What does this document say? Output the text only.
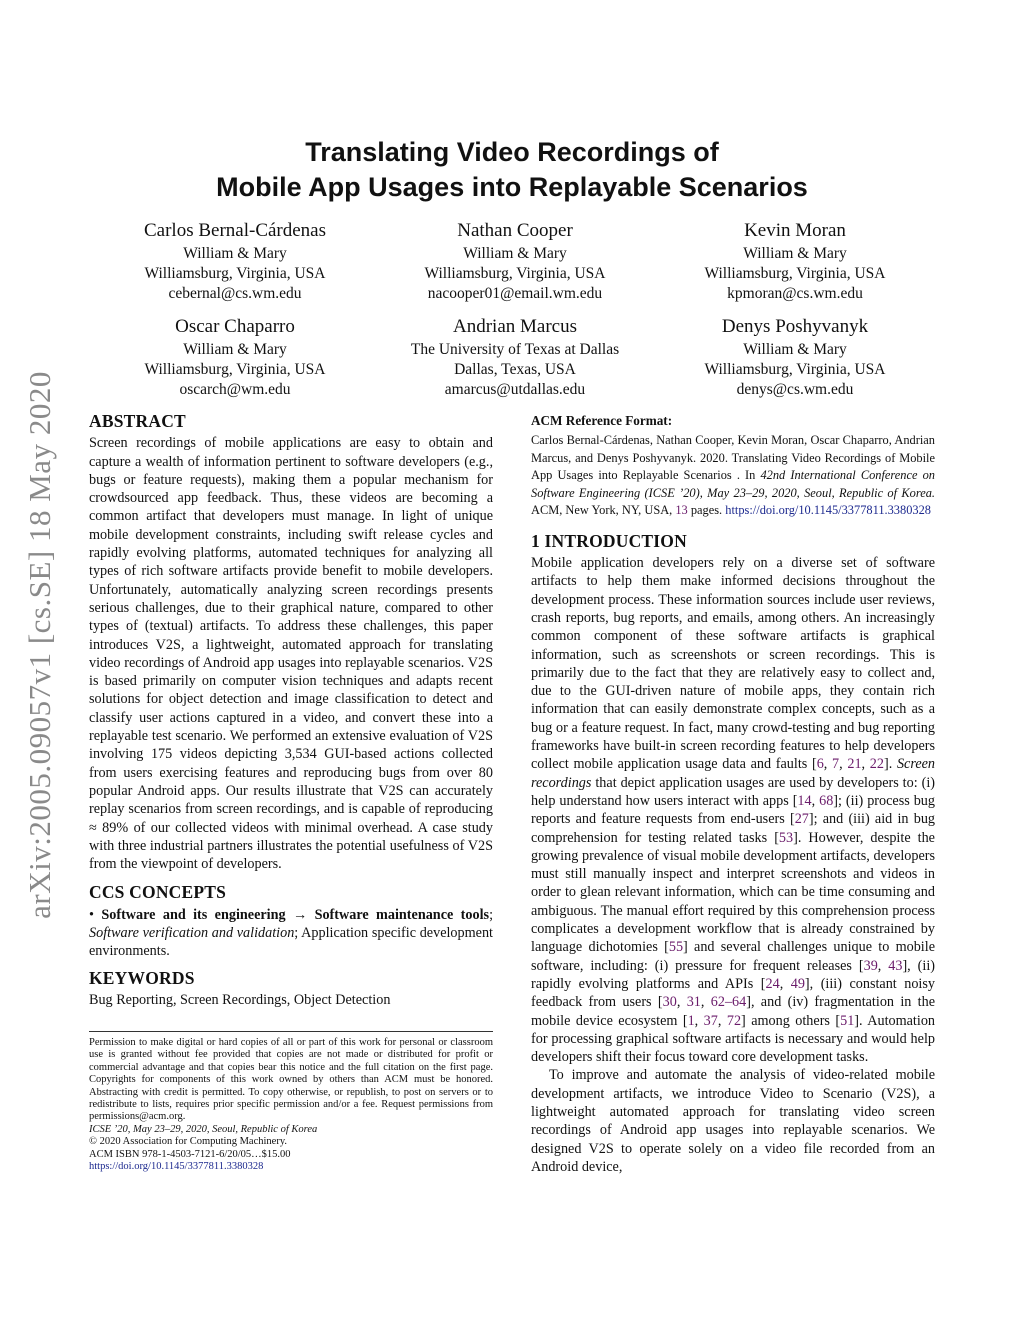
arXiv:2005.09057v1 [cs.SE] 18 May 2020
Translating Video Recordings of
Mobile App Usages into Replayable Scenarios
Carlos Bernal-Cárdenas
William & Mary
Williamsburg, Virginia, USA
cebernal@cs.wm.edu
Nathan Cooper
William & Mary
Williamsburg, Virginia, USA
nacooper01@email.wm.edu
Kevin Moran
William & Mary
Williamsburg, Virginia, USA
kpmoran@cs.wm.edu
Oscar Chaparro
William & Mary
Williamsburg, Virginia, USA
oscarch@wm.edu
Andrian Marcus
The University of Texas at Dallas
Dallas, Texas, USA
amarcus@utdallas.edu
Denys Poshyvanyk
William & Mary
Williamsburg, Virginia, USA
denys@cs.wm.edu
ABSTRACT

Screen recordings of mobile applications are easy to obtain and capture a wealth of information pertinent to software developers (e.g., bugs or feature requests), making them a popular mechanism for crowdsourced app feedback. Thus, these videos are becoming a common artifact that developers must manage. In light of unique mobile development constraints, including swift release cycles and rapidly evolving platforms, automated techniques for analyzing all types of rich software artifacts provide benefit to mobile developers. Unfortunately, automatically analyzing screen recordings presents serious challenges, due to their graphical nature, compared to other types of (textual) artifacts. To address these challenges, this paper introduces V2S, a lightweight, automated approach for translating video recordings of Android app usages into replayable scenarios. V2S is based primarily on computer vision techniques and adapts recent solutions for object detection and image classification to detect and classify user actions captured in a video, and convert these into a replayable test scenario. We performed an extensive evaluation of V2S involving 175 videos depicting 3,534 GUI-based actions collected from users exercising features and reproducing bugs from over 80 popular Android apps. Our results illustrate that V2S can accurately replay scenarios from screen recordings, and is capable of reproducing ≈ 89% of our collected videos with minimal overhead. A case study with three industrial partners illustrates the potential usefulness of V2S from the viewpoint of developers.

CCS CONCEPTS

• Software and its engineering → Software maintenance tools; Software verification and validation; Application specific development environments.

KEYWORDS

Bug Reporting, Screen Recordings, Object Detection

Permission to make digital or hard copies of all or part of this work for personal or classroom use is granted without fee provided that copies are not made or distributed for profit or commercial advantage and that copies bear this notice and the full citation on the first page. Copyrights for components of this work owned by others than ACM must be honored. Abstracting with credit is permitted. To copy otherwise, or republish, to post on servers or to redistribute to lists, requires prior specific permission and/or a fee. Request permissions from permissions@acm.org.
ICSE ’20, May 23–29, 2020, Seoul, Republic of Korea
© 2020 Association for Computing Machinery.
ACM ISBN 978-1-4503-7121-6/20/05…$15.00
https://doi.org/10.1145/3377811.3380328
ACM Reference Format:

Carlos Bernal-Cárdenas, Nathan Cooper, Kevin Moran, Oscar Chaparro, Andrian Marcus, and Denys Poshyvanyk. 2020. Translating Video Recordings of Mobile App Usages into Replayable Scenarios . In 42nd International Conference on Software Engineering (ICSE ’20), May 23–29, 2020, Seoul, Republic of Korea. ACM, New York, NY, USA, 13 pages. https://doi.org/10.1145/3377811.3380328

1 INTRODUCTION

Mobile application developers rely on a diverse set of software artifacts to help them make informed decisions throughout the development process. These information sources include user reviews, crash reports, bug reports, and emails, among others. An increasingly common component of these software artifacts is graphical information, such as screenshots or screen recordings. This is primarily due to the fact that they are relatively easy to collect and, due to the GUI-driven nature of mobile apps, they contain rich information that can easily demonstrate complex concepts, such as a bug or a feature request. In fact, many crowd-testing and bug reporting frameworks have built-in screen recording features to help developers collect mobile application usage data and faults [6, 7, 21, 22]. Screen recordings that depict application usages are used by developers to: (i) help understand how users interact with apps [14, 68]; (ii) process bug reports and feature requests from end-users [27]; and (iii) aid in bug comprehension for testing related tasks [53]. However, despite the growing prevalence of visual mobile development artifacts, developers must still manually inspect and interpret screenshots and videos in order to glean relevant information, which can be time consuming and ambiguous. The manual effort required by this comprehension process complicates a development workflow that is already constrained by language dichotomies [55] and several challenges unique to mobile software, including: (i) pressure for frequent releases [39, 43], (ii) rapidly evolving platforms and APIs [24, 49], (iii) constant noisy feedback from users [30, 31, 62–64], and (iv) fragmentation in the mobile device ecosystem [1, 37, 72] among others [51]. Automation for processing graphical software artifacts is necessary and would help developers shift their focus toward core development tasks.

To improve and automate the analysis of video-related mobile development artifacts, we introduce Video to Scenario (V2S), a lightweight automated approach for translating video screen recordings of Android app usages into replayable scenarios. We designed V2S to operate solely on a video file recorded from an Android device,
